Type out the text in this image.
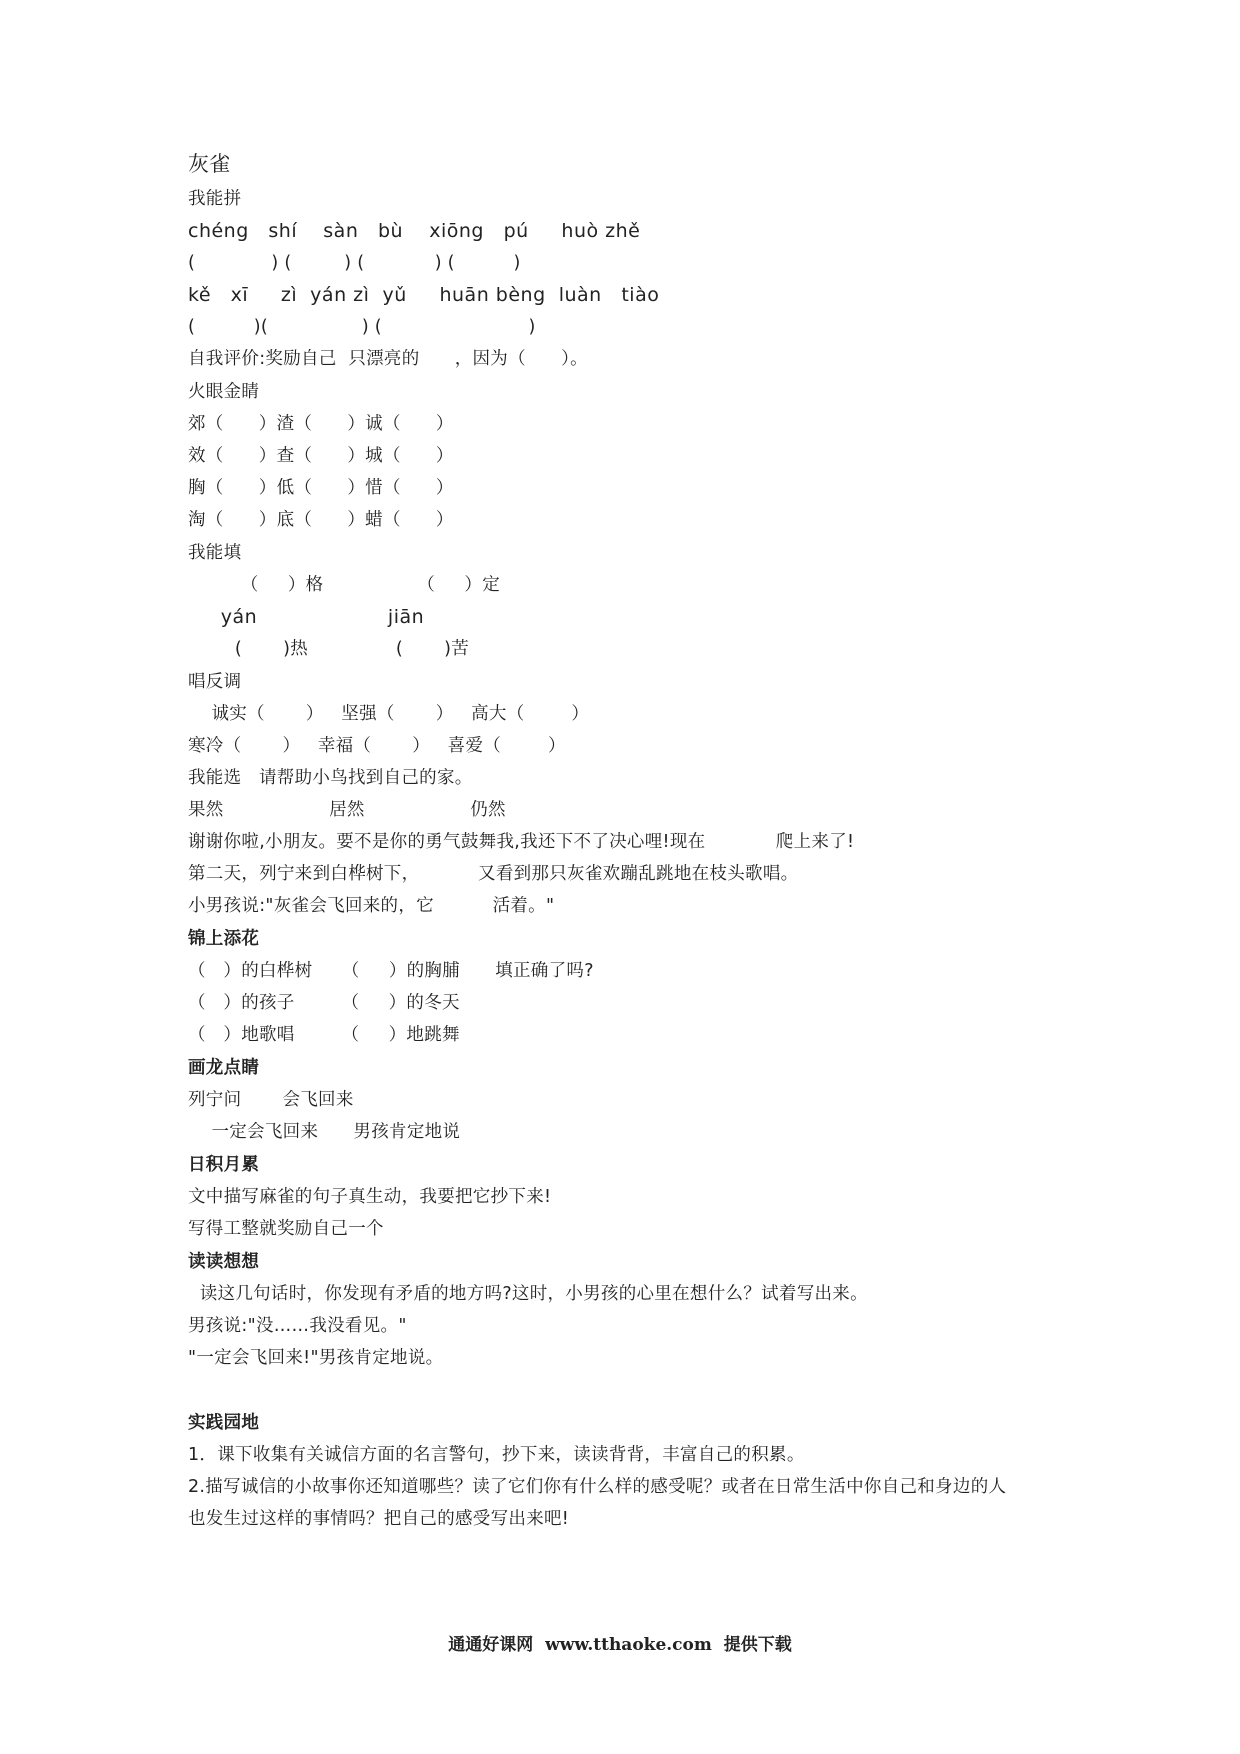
灰雀
我能拼
chéng   shí    sàn   bù    xiōng   pú     huò zhě
(             ) (         ) (            ) (          )
kě   xī     zì  yán zì  yǔ     huān bèng  luàn   tiào
(          )(                ) (                         )
自我评价:奖励自己  只漂亮的      ，因为（      ）。
火眼金睛
郊（      ）渣（      ）诚（      ）
效（      ）查（      ）城（      ）
胸（      ）低（      ）惜（      ）
淘（      ）底（      ）蜡（      ）
我能填
（     ）格                （     ）定
yán                    jiān
(       )热               (       )苦
唱反调
诚实（       ）   坚强（       ）   高大（        ）
寒冷（       ）   幸福（       ）   喜爱（        ）
我能选   请帮助小鸟找到自己的家。
果然                  居然                  仍然
谢谢你啦,小朋友。要不是你的勇气鼓舞我,我还下不了决心哩!现在            爬上来了!
第二天，列宁来到白桦树下，          又看到那只灰雀欢蹦乱跳地在枝头歌唱。
小男孩说:"灰雀会飞回来的，它          活着。"
锦上添花
（   ）的白桦树     （     ）的胸脯      填正确了吗?
（   ）的孩子        （     ）的冬天
（   ）地歌唱        （     ）地跳舞
画龙点睛
列宁问       会飞回来
一定会飞回来      男孩肯定地说
日积月累
文中描写麻雀的句子真生动，我要把它抄下来!
写得工整就奖励自己一个
读读想想
读这几句话时，你发现有矛盾的地方吗?这时，小男孩的心里在想什么？试着写出来。
男孩说:"没……我没看见。"
"一定会飞回来!"男孩肯定地说。
实践园地
1．课下收集有关诚信方面的名言警句，抄下来，读读背背，丰富自己的积累。
2.描写诚信的小故事你还知道哪些？读了它们你有什么样的感受呢？或者在日常生活中你自己和身边的人
也发生过这样的事情吗？把自己的感受写出来吧!
通通好课网  www.tthaoke.com  提供下载
